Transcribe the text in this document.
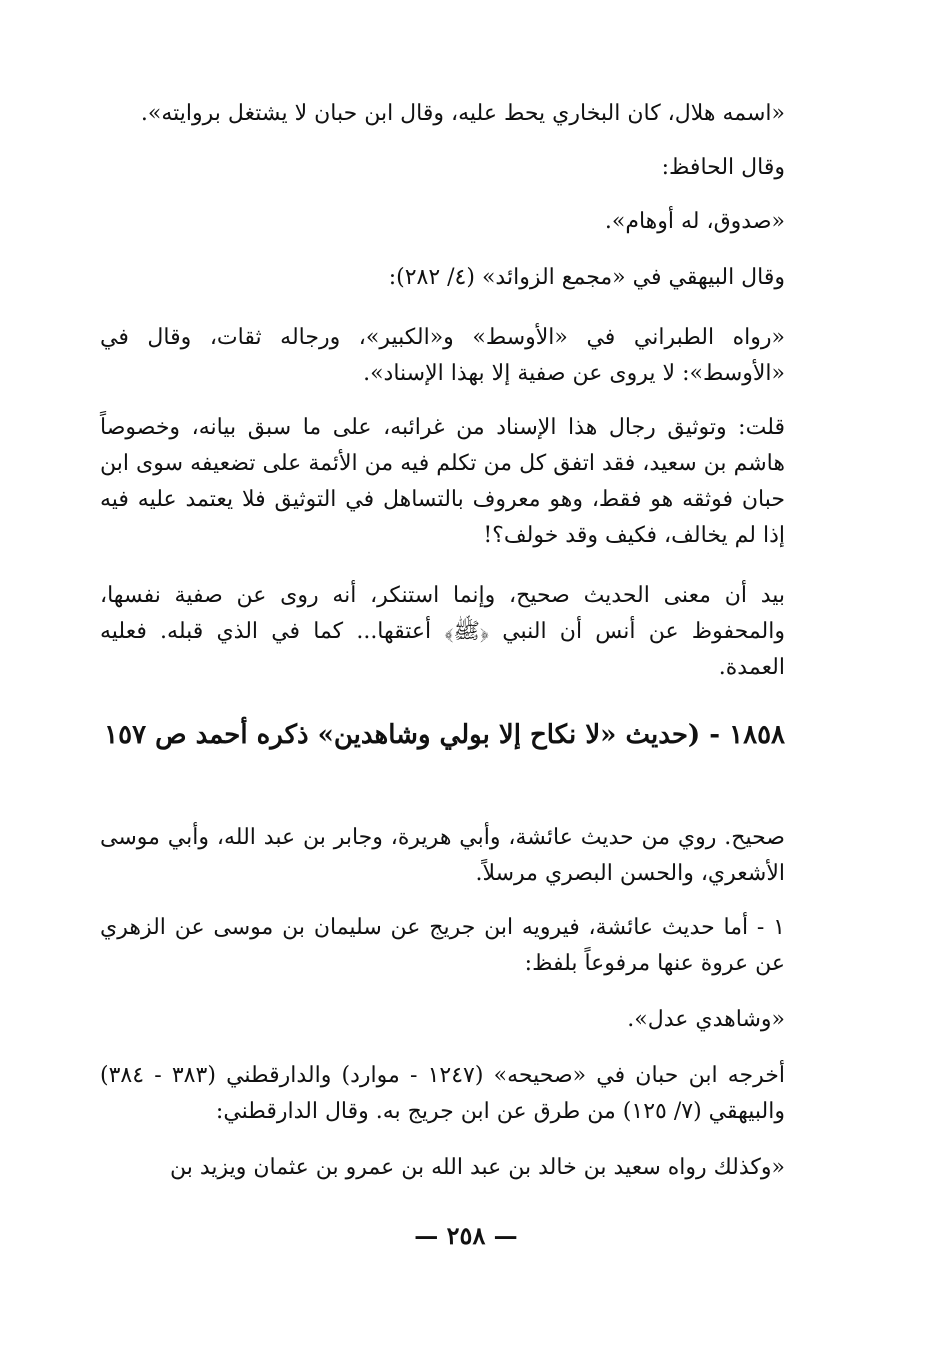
«اسمه هلال، كان البخاري يحط عليه، وقال ابن حبان لا يشتغل بروايته».

وقال الحافظ:

«صدوق، له أوهام».

وقال البيهقي في «مجمع الزوائد» (٤/ ٢٨٢):

«رواه الطبراني في «الأوسط» و«الكبير»، ورجاله ثقات، وقال في «الأوسط»: لا يروى عن صفية إلا بهذا الإسناد».

قلت: وتوثيق رجال هذا الإسناد من غرائبه، على ما سبق بيانه، وخصوصاً هاشم بن سعيد، فقد اتفق كل من تكلم فيه من الأئمة على تضعيفه سوى ابن حبان فوثقه هو فقط، وهو معروف بالتساهل في التوثيق فلا يعتمد عليه فيه إذا لم يخالف، فكيف وقد خولف؟!

بيد أن معنى الحديث صحيح، وإنما استنكر، أنه روى عن صفية نفسها، والمحفوظ عن أنس أن النبي ﴿ﷺ﴾ أعتقها... كما في الذي قبله. فعليه العمدة.

١٨٥٨ - (حديث «لا نكاح إلا بولي وشاهدين» ذكره أحمد ص ١٥٧

صحيح. روي من حديث عائشة، وأبي هريرة، وجابر بن عبد الله، وأبي موسى الأشعري، والحسن البصري مرسلاً.

١ - أما حديث عائشة، فيرويه ابن جريج عن سليمان بن موسى عن الزهري عن عروة عنها مرفوعاً بلفظ:

«وشاهدي عدل».

أخرجه ابن حبان في «صحيحه» (١٢٤٧ - موارد) والدارقطني (٣٨٣ - ٣٨٤) والبيهقي (٧/ ١٢٥) من طرق عن ابن جريج به. وقال الدارقطني:

«وكذلك رواه سعيد بن خالد بن عبد الله بن عمرو بن عثمان ويزيد بن

— ٢٥٨ —
